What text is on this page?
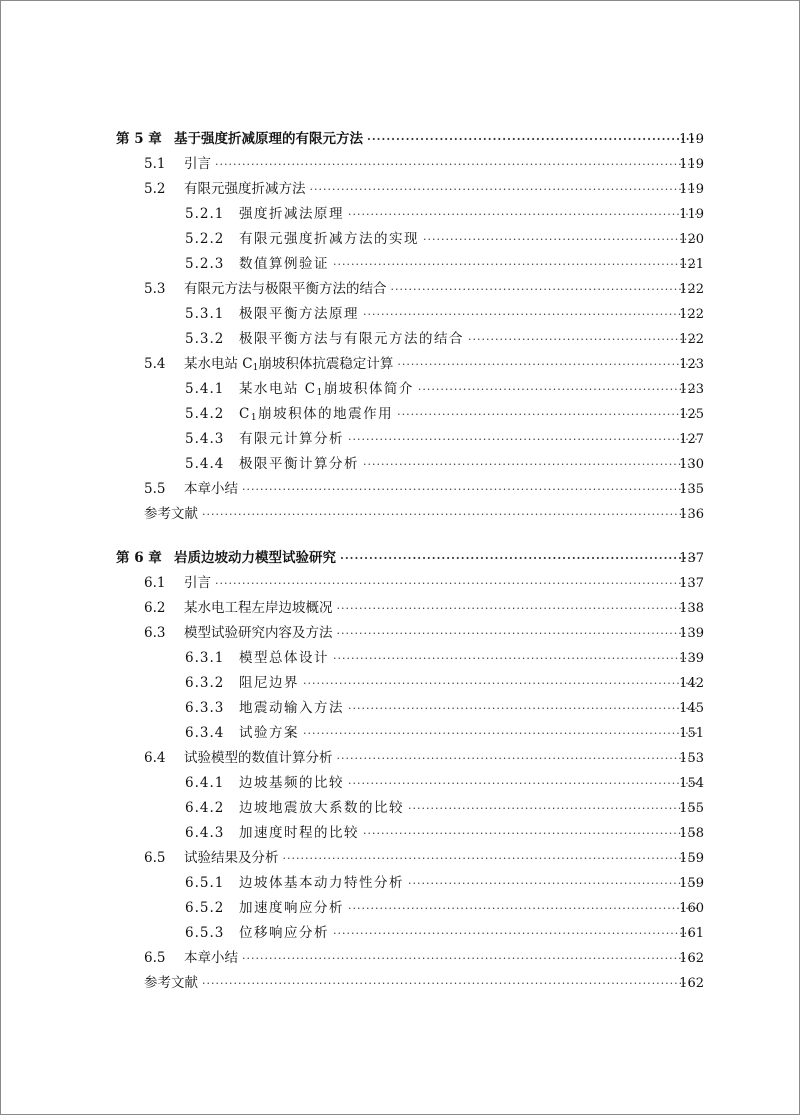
第 5 章 基于强度折减原理的有限元方法 ·····	119
5.1	引言 ·····	119
5.2	有限元强度折减方法 ·····	119
5.2.1	强度折减法原理 ·····	119
5.2.2	有限元强度折减方法的实现 ·····	120
5.2.3	数值算例验证 ·····	121
5.3	有限元方法与极限平衡方法的结合 ·····	122
5.3.1	极限平衡方法原理 ·····	122
5.3.2	极限平衡方法与有限元方法的结合 ·····	122
5.4	某水电站 $C_1$崩坡积体抗震稳定计算 ·····	123
5.4.1	某水电站 $C_1$崩坡积体简介 ·····	123
5.4.2	$C_1$崩坡积体的地震作用 ·····	125
5.4.3	有限元计算分析 ·····	127
5.4.4	极限平衡计算分析 ·····	130
5.5	本章小结 ·····	135
参考文献 ·····	136
第 6 章 岩质边坡动力模型试验研究 ·····	137
6.1	引言 ·····	137
6.2	某水电工程左岸边坡概况 ·····	138
6.3	模型试验研究内容及方法 ·····	139
6.3.1	模型总体设计 ·····	139
6.3.2	阻尼边界 ·····	142
6.3.3	地震动输入方法 ·····	145
6.3.4	试验方案 ·····	151
6.4	试验模型的数值计算分析 ·····	153
6.4.1	边坡基频的比较 ·····	154
6.4.2	边坡地震放大系数的比较 ·····	155
6.4.3	加速度时程的比较 ·····	158
6.5	试验结果及分析 ·····	159
6.5.1	边坡体基本动力特性分析 ·····	159
6.5.2	加速度响应分析 ·····	160
6.5.3	位移响应分析 ·····	161
6.5	本章小结 ·····	162
参考文献 ·····	162
